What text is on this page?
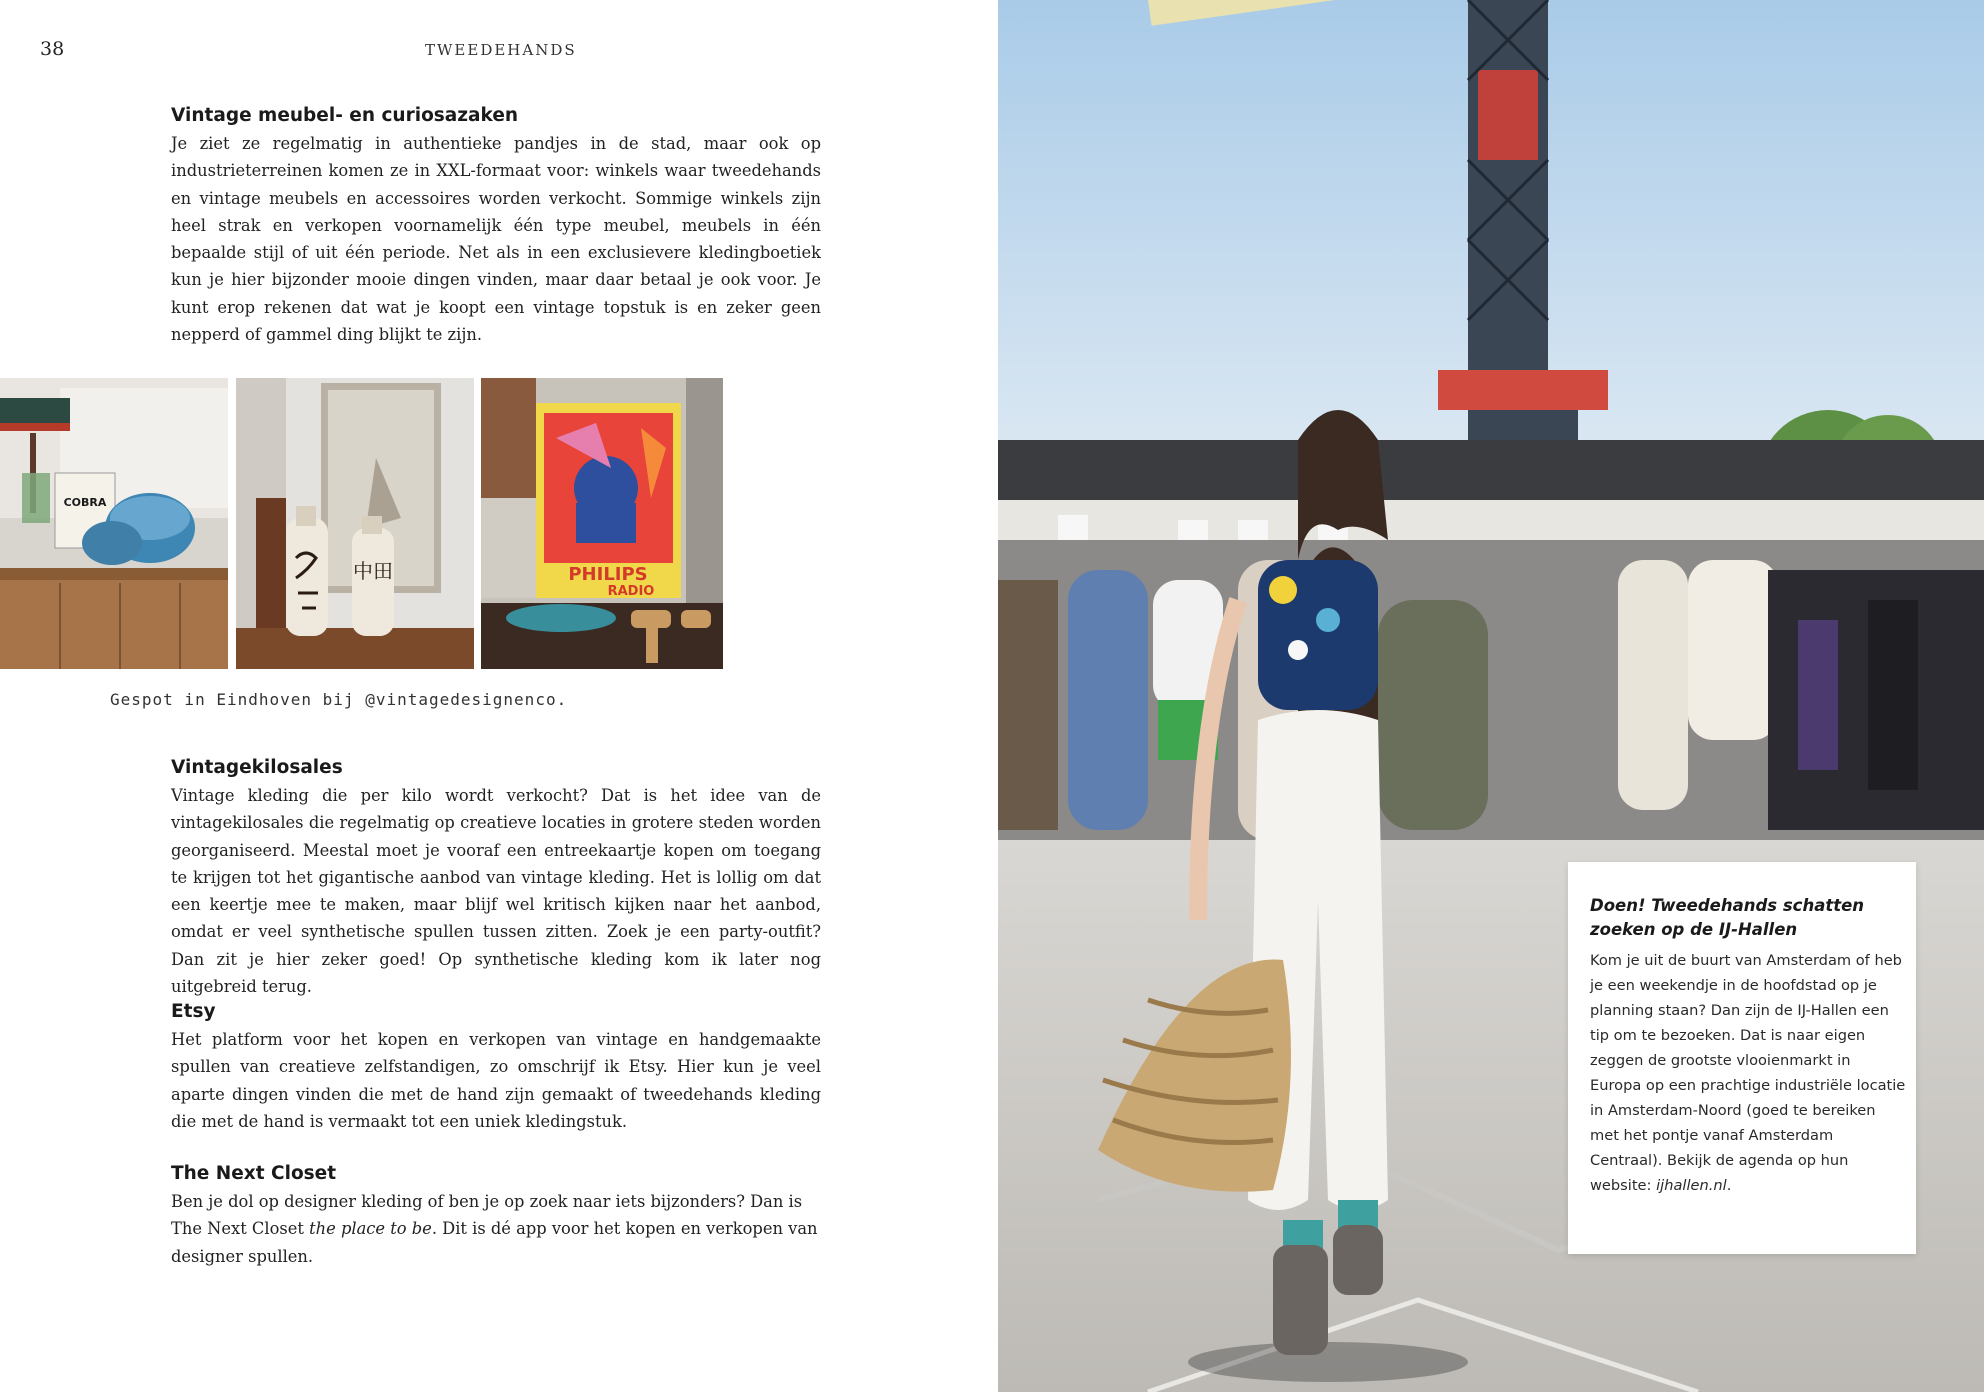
38	TWEEDEHANDS
Vintage meubel- en curiosazaken

Je ziet ze regelmatig in authentieke pandjes in de stad, maar ook op industrieterreinen komen ze in XXL-formaat voor: winkels waar tweedehands en vintage meubels en accessoires worden verkocht. Sommige winkels zijn heel strak en verkopen voornamelijk één type meubel, meubels in één bepaalde stijl of uit één periode. Net als in een exclusievere kledingboetiek kun je hier bijzonder mooie dingen vinden, maar daar betaal je ook voor. Je kunt erop rekenen dat wat je koopt een vintage topstuk is en zeker geen nepperd of gammel ding blijkt te zijn.

COBRA
中田	PHILIPS
RADIO
Gespot in Eindhoven bij @vintagedesignenco.
Vintagekilosales

Vintage kleding die per kilo wordt verkocht? Dat is het idee van de vintagekilosales die regelmatig op creatieve locaties in grotere steden worden georganiseerd. Meestal moet je vooraf een entreekaartje kopen om toegang te krijgen tot het gigantische aanbod van vintage kleding. Het is lollig om dat een keertje mee te maken, maar blijf wel kritisch kijken naar het aanbod, omdat er veel synthetische spullen tussen zitten. Zoek je een party-outfit? Dan zit je hier zeker goed! Op synthetische kleding kom ik later nog uitgebreid terug.

Etsy

Het platform voor het kopen en verkopen van vintage en handgemaakte spullen van creatieve zelfstandigen, zo omschrijf ik Etsy. Hier kun je veel aparte dingen vinden die met de hand zijn gemaakt of tweedehands kleding die met de hand is vermaakt tot een uniek kledingstuk.

The Next Closet

Ben je dol op designer kleding of ben je op zoek naar iets bijzonders? Dan is The Next Closet the place to be. Dit is dé app voor het kopen en verkopen van designer spullen.

Doen! Tweedehands schatten zoeken op de IJ-Hallen
Kom je uit de buurt van Amsterdam of heb je een weekendje in de hoofdstad op je planning staan? Dan zijn de IJ-Hallen een tip om te bezoeken. Dat is naar eigen zeggen de grootste vlooienmarkt in Europa op een prachtige industriële locatie in Amsterdam-Noord (goed te bereiken met het pontje vanaf Amsterdam Centraal). Bekijk de agenda op hun website: ijhallen.nl.
